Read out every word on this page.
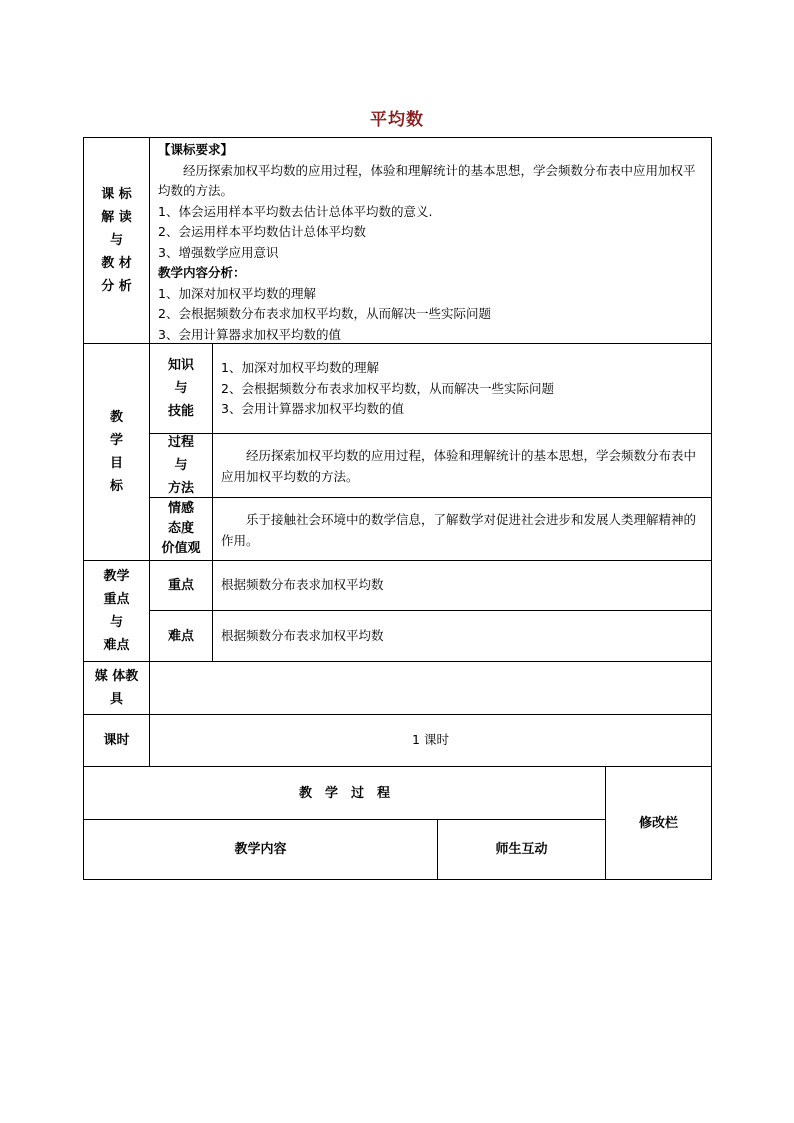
平均数
课 标
解 读
与
教 材
分 析

【课标要求】

经历探索加权平均数的应用过程，体验和理解统计的基本思想，学会频数分布表中应用加权平均数的方法。

1、体会运用样本平均数去估计总体平均数的意义.

2、会运用样本平均数估计总体平均数

3、增强数学应用意识

教学内容分析：

1、加深对加权平均数的理解

2、会根据频数分布表求加权平均数，从而解决一些实际问题

3、会用计算器求加权平均数的值

教
学
目
标
知识
与
技能

1、加深对加权平均数的理解

2、会根据频数分布表求加权平均数，从而解决一些实际问题

3、会用计算器求加权平均数的值

过程
与
方法

经历探索加权平均数的应用过程，体验和理解统计的基本思想，学会频数分布表中应用加权平均数的方法。

情感
态度
价值观

乐于接触社会环境中的数学信息，了解数学对促进社会进步和发展人类理解精神的作用。

教学
重点
与
难点
重点 根据频数分布表求加权平均数
难点 根据频数分布表求加权平均数
媒 体教
具
课时	1 课时
教　学　过　程
修改栏
教学内容	师生互动
